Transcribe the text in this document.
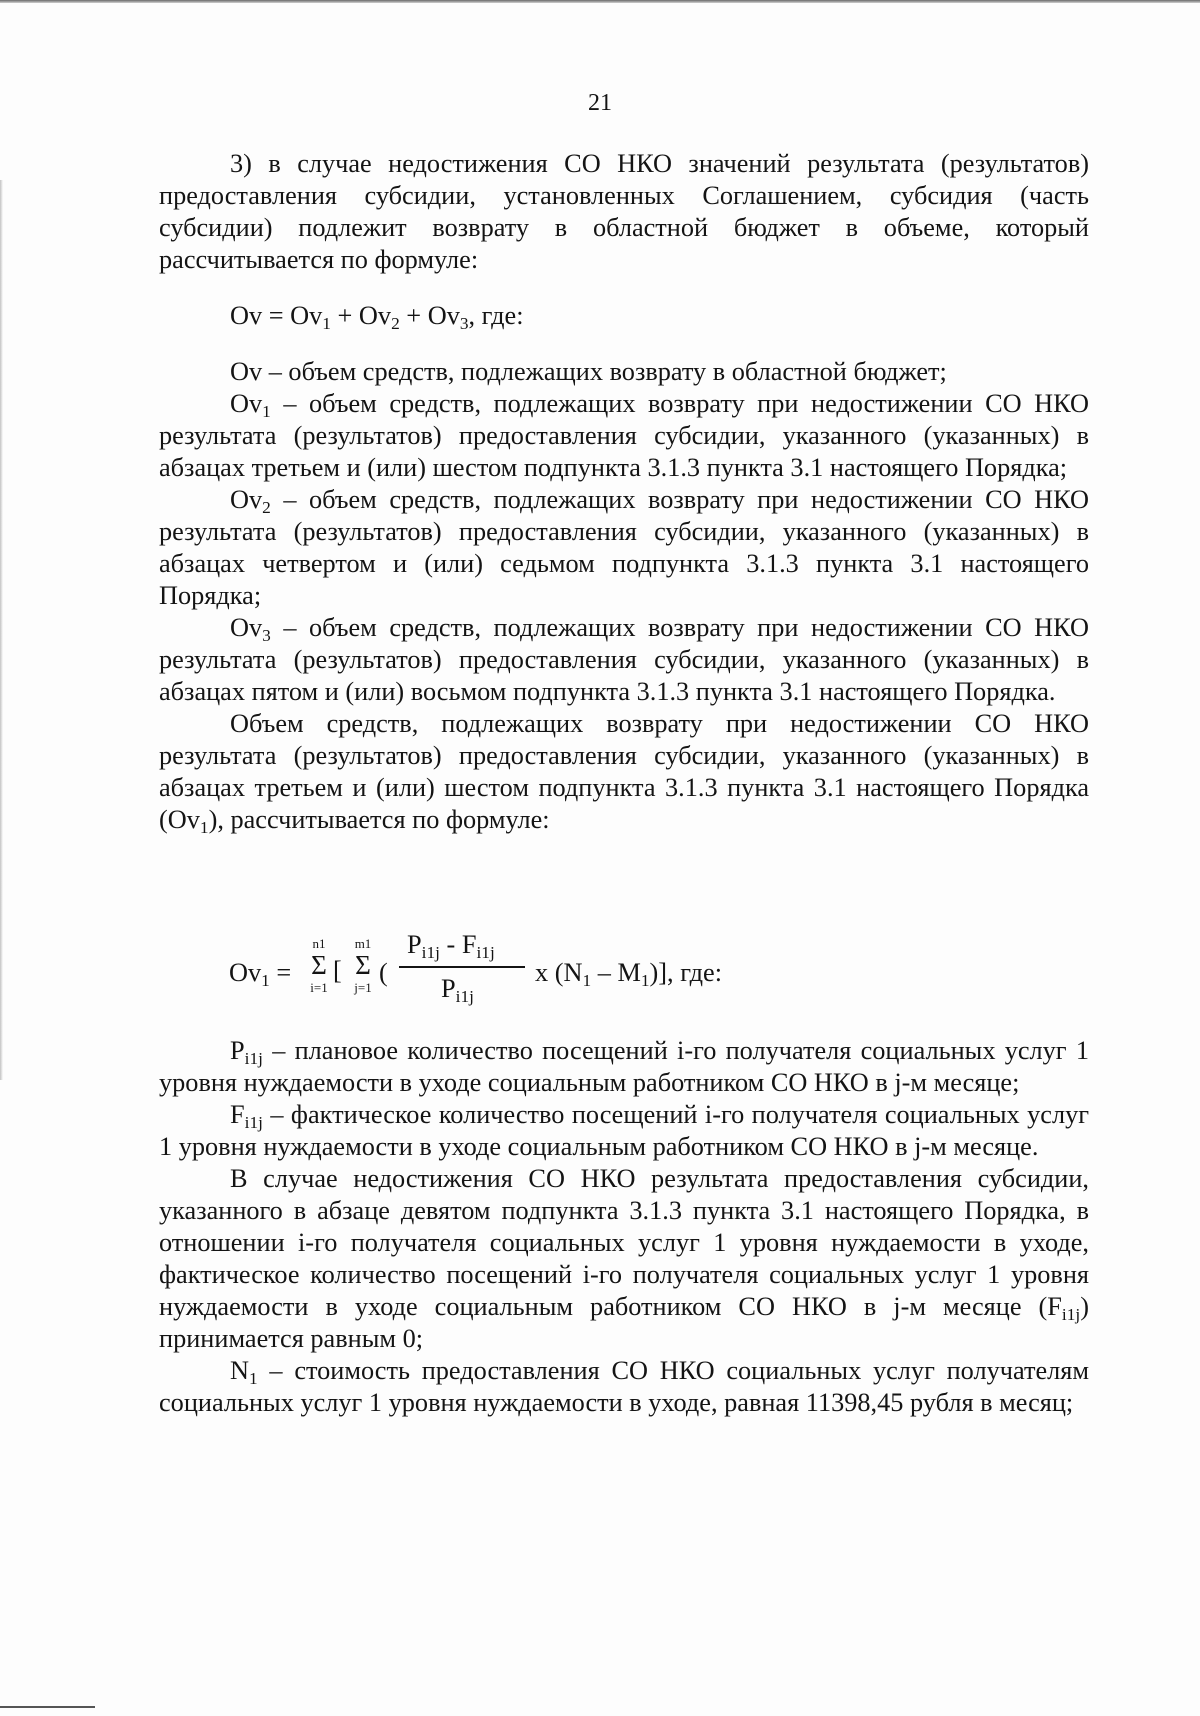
21

3) в случае недостижения СО НКО значений результата (результатов) предоставления субсидии, установленных Соглашением, субсидия (часть субсидии) подлежит возврату в областной бюджет в объеме, который рассчитывается по формуле:

$Ov = Ov_1 + Ov_2 + Ov_3$, где:

Ov – объем средств, подлежащих возврату в областной бюджет;

$Ov_1$ – объем средств, подлежащих возврату при недостижении СО НКО результата (результатов) предоставления субсидии, указанного (указанных) в абзацах третьем и (или) шестом подпункта 3.1.3 пункта 3.1 настоящего Порядка;

$Ov_2$ – объем средств, подлежащих возврату при недостижении СО НКО результата (результатов) предоставления субсидии, указанного (указанных) в абзацах четвертом и (или) седьмом подпункта 3.1.3 пункта 3.1 настоящего Порядка;

$Ov_3$ – объем средств, подлежащих возврату при недостижении СО НКО результата (результатов) предоставления субсидии, указанного (указанных) в абзацах пятом и (или) восьмом подпункта 3.1.3 пункта 3.1 настоящего Порядка.

Объем средств, подлежащих возврату при недостижении СО НКО результата (результатов) предоставления субсидии, указанного (указанных) в абзацах третьем и (или) шестом подпункта 3.1.3 пункта 3.1 настоящего Порядка $(Ov_1)$, рассчитывается по формуле:

$Ov_1$ =
n1
Σ
i=1
[
m1
Σ
j=1
(
$P_{i1j} - F_{i1j}$
$P_{i1j}$
x $(N_1 - M_1)$], где:

$P_{i1j}$ – плановое количество посещений i-го получателя социальных услуг 1 уровня нуждаемости в уходе социальным работником СО НКО в j-м месяце;

$F_{i1j}$ – фактическое количество посещений i-го получателя социальных услуг 1 уровня нуждаемости в уходе социальным работником СО НКО в j-м месяце.

В случае недостижения СО НКО результата предоставления субсидии, указанного в абзаце девятом подпункта 3.1.3 пункта 3.1 настоящего Порядка, в отношении i-го получателя социальных услуг 1 уровня нуждаемости в уходе, фактическое количество посещений i-го получателя социальных услуг 1 уровня нуждаемости в уходе социальным работником СО НКО в j-м месяце $(F_{i1j})$ принимается равным 0;

$N_1$ – стоимость предоставления СО НКО социальных услуг получателям социальных услуг 1 уровня нуждаемости в уходе, равная 11398,45 рубля в месяц;
